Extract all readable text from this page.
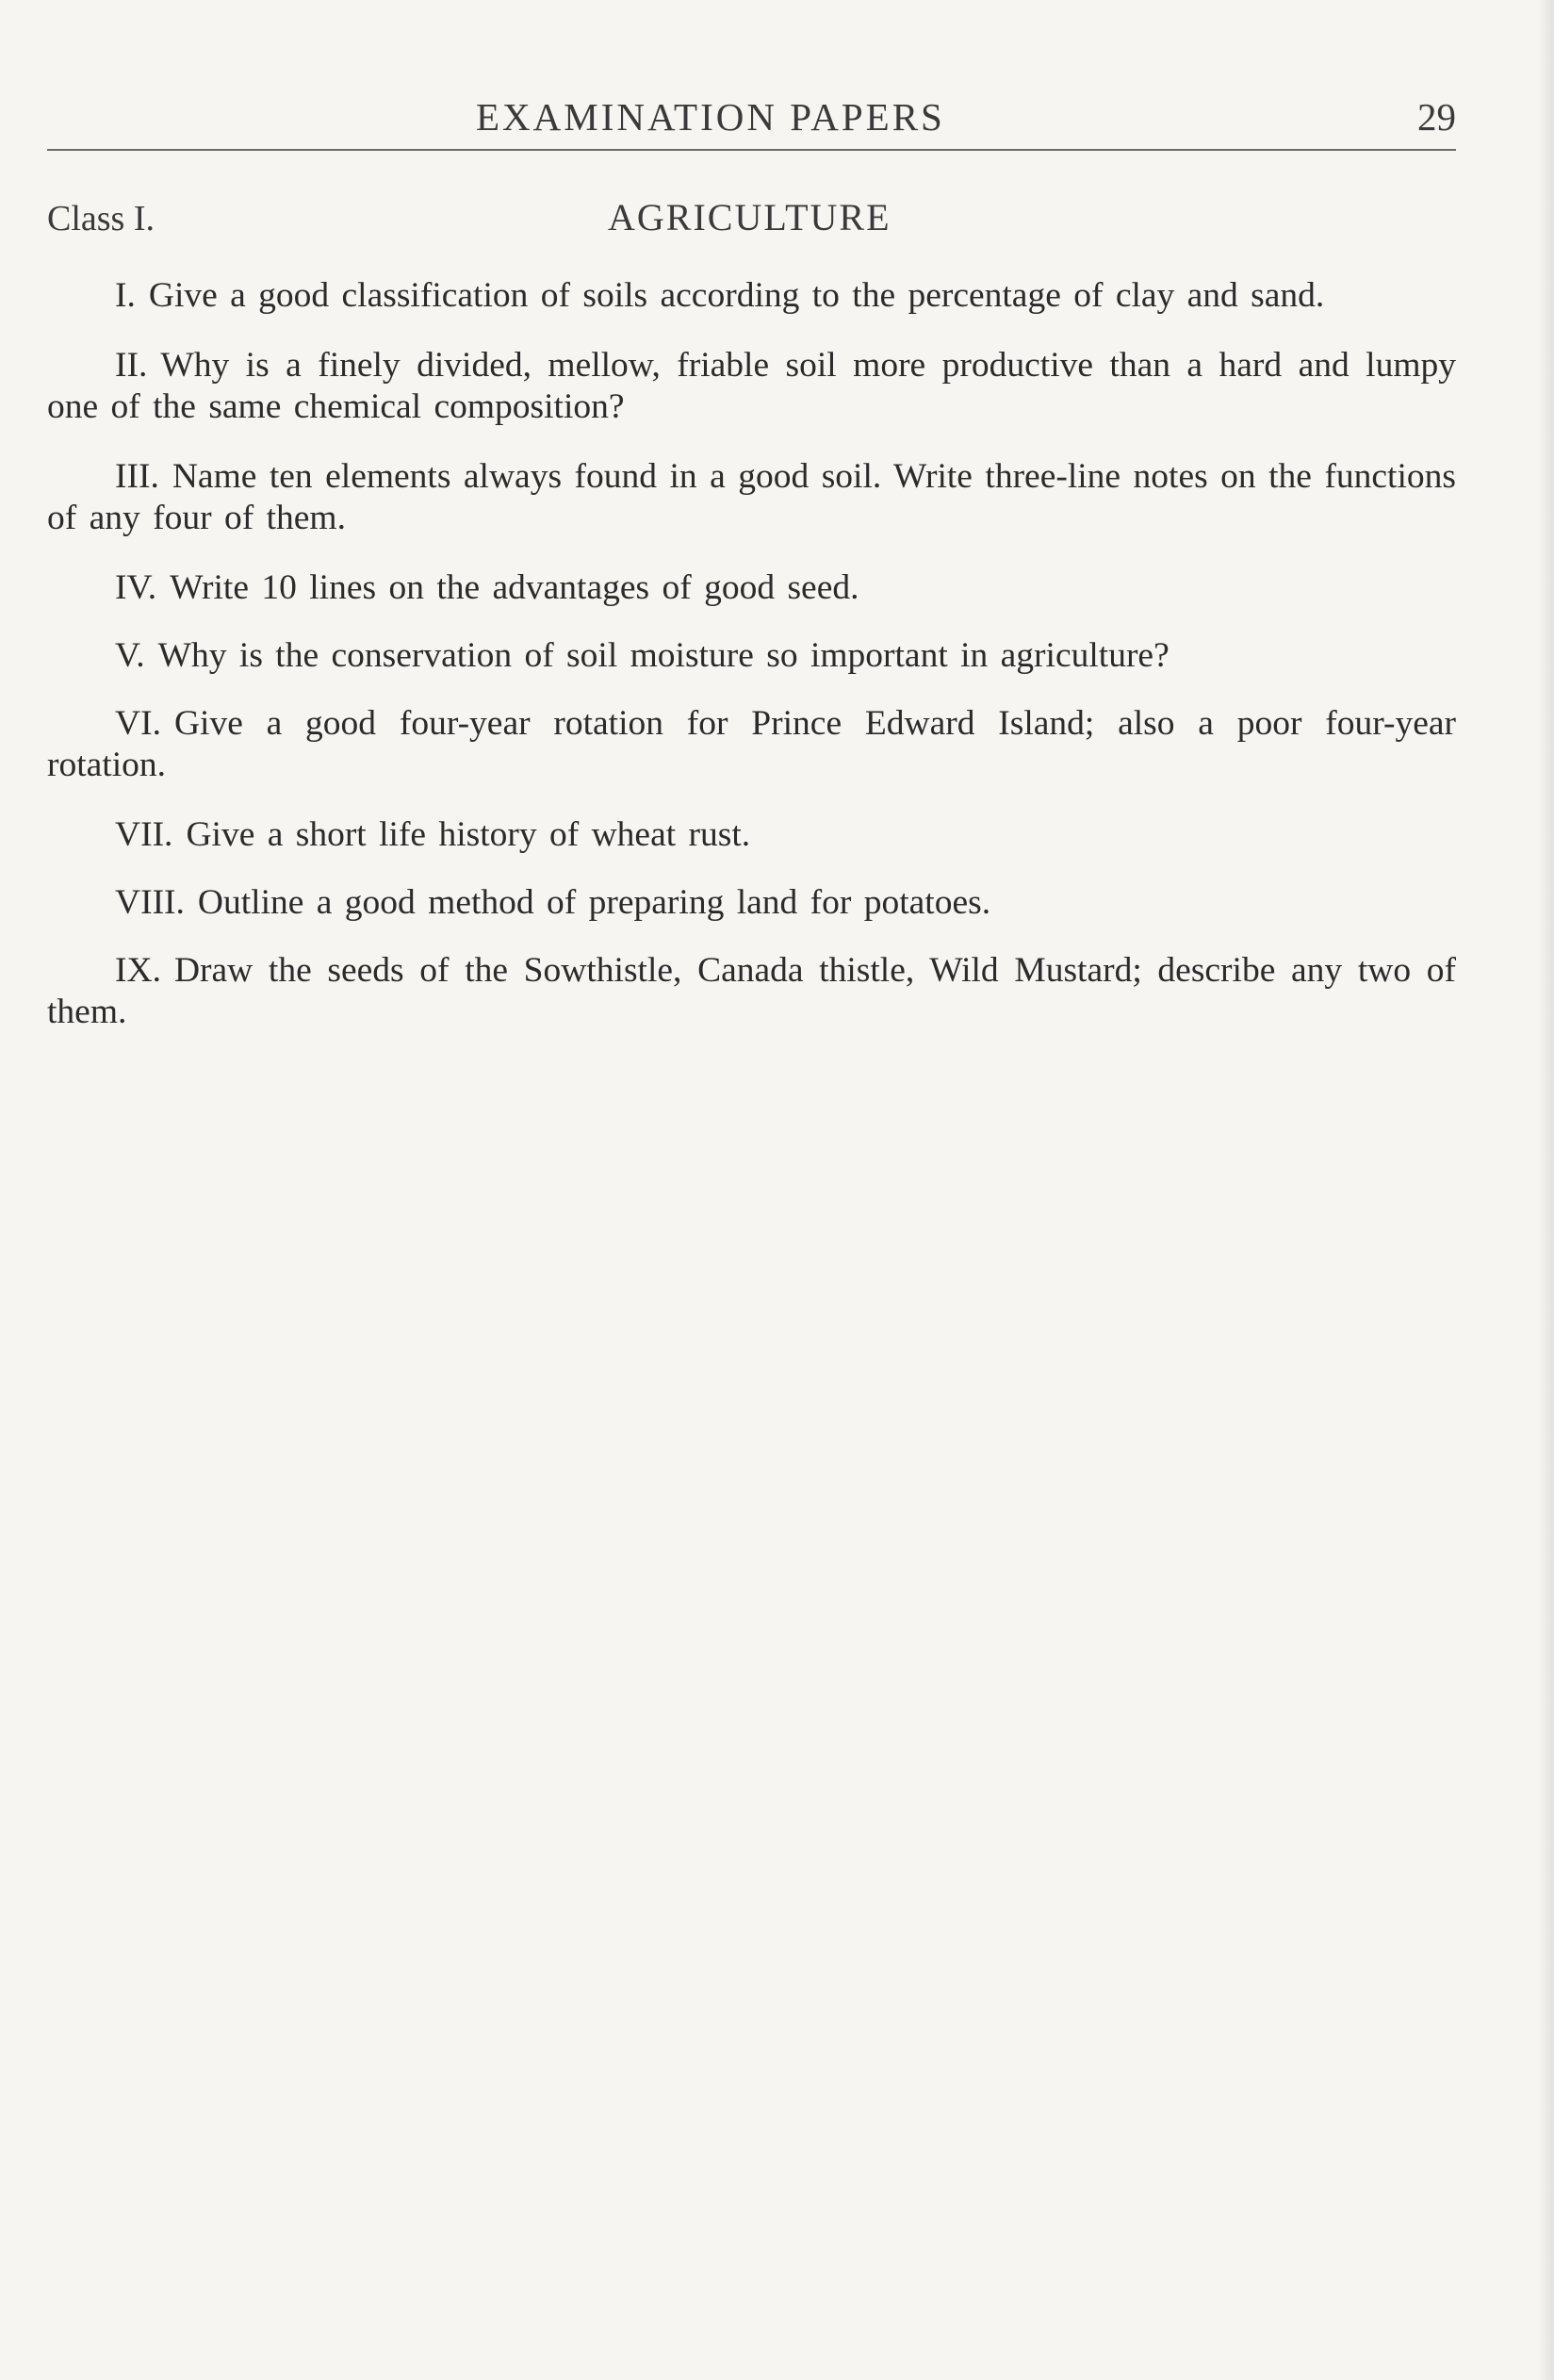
EXAMINATION PAPERS	29
Class I.	AGRICULTURE
I. Give a good classification of soils according to the percentage of clay and sand.
II. Why is a finely divided, mellow, friable soil more productive than a hard and lumpy one of the same chemical composition?
III. Name ten elements always found in a good soil. Write three-line notes on the functions of any four of them.
IV. Write 10 lines on the advantages of good seed.
V. Why is the conservation of soil moisture so important in agriculture?
VI. Give a good four-year rotation for Prince Edward Island; also a poor four-year rotation.
VII. Give a short life history of wheat rust.
VIII. Outline a good method of preparing land for potatoes.
IX. Draw the seeds of the Sowthistle, Canada thistle, Wild Mustard; describe any two of them.
